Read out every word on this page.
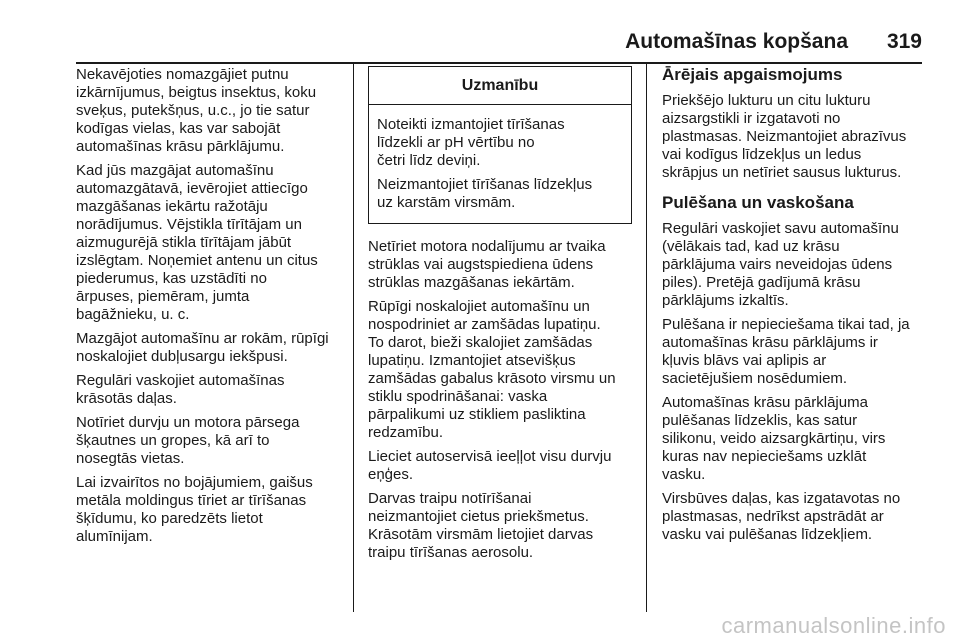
Automašīnas kopšana 319

Nekavējoties nomazgājiet putnu
izkārnījumus, beigtus insektus, koku
sveķus, putekšņus, u.c., jo tie satur
kodīgas vielas, kas var sabojāt
automašīnas krāsu pārklājumu.

Kad jūs mazgājat automašīnu
automazgātavā, ievērojiet attiecīgo
mazgāšanas iekārtu ražotāju
norādījumus. Vējstikla tīrītājam un
aizmugurējā stikla tīrītājam jābūt
izslēgtam. Noņemiet antenu un citus
piederumus, kas uzstādīti no
ārpuses, piemēram, jumta
bagāžnieku, u. c.

Mazgājot automašīnu ar rokām, rūpīgi
noskalojiet dubļusargu iekšpusi.

Regulāri vaskojiet automašīnas
krāsotās daļas.

Notīriet durvju un motora pārsega
šķautnes un gropes, kā arī to
nosegtās vietas.

Lai izvairītos no bojājumiem, gaišus
metāla moldingus tīriet ar tīrīšanas
šķīdumu, ko paredzēts lietot
alumīnijam.

Uzmanību

Noteikti izmantojiet tīrīšanas
līdzekli ar pH vērtību no
četri līdz deviņi.

Neizmantojiet tīrīšanas līdzekļus
uz karstām virsmām.

Netīriet motora nodalījumu ar tvaika
strūklas vai augstspiediena ūdens
strūklas mazgāšanas iekārtām.

Rūpīgi noskalojiet automašīnu un
nospodriniet ar zamšādas lupatiņu.
To darot, bieži skalojiet zamšādas
lupatiņu. Izmantojiet atsevišķus
zamšādas gabalus krāsoto virsmu un
stiklu spodrināšanai: vaska
pārpalikumi uz stikliem pasliktina
redzamību.

Lieciet autoservisā ieeļļot visu durvju
eņģes.

Darvas traipu notīrīšanai
neizmantojiet cietus priekšmetus.
Krāsotām virsmām lietojiet darvas
traipu tīrīšanas aerosolu.

Ārējais apgaismojums

Priekšējo lukturu un citu lukturu
aizsargstikli ir izgatavoti no
plastmasas. Neizmantojiet abrazīvus
vai kodīgus līdzekļus un ledus
skrāpjus un netīriet sausus lukturus.

Pulēšana un vaskošana

Regulāri vaskojiet savu automašīnu
(vēlākais tad, kad uz krāsu
pārklājuma vairs neveidojas ūdens
piles). Pretējā gadījumā krāsu
pārklājums izkaltīs.

Pulēšana ir nepieciešama tikai tad, ja
automašīnas krāsu pārklājums ir
kļuvis blāvs vai aplipis ar
sacietējušiem nosēdumiem.

Automašīnas krāsu pārklājuma
pulēšanas līdzeklis, kas satur
silikonu, veido aizsargkārtiņu, virs
kuras nav nepieciešams uzklāt
vasku.

Virsbūves daļas, kas izgatavotas no
plastmasas, nedrīkst apstrādāt ar
vasku vai pulēšanas līdzekļiem.

carmanualsonline.info
